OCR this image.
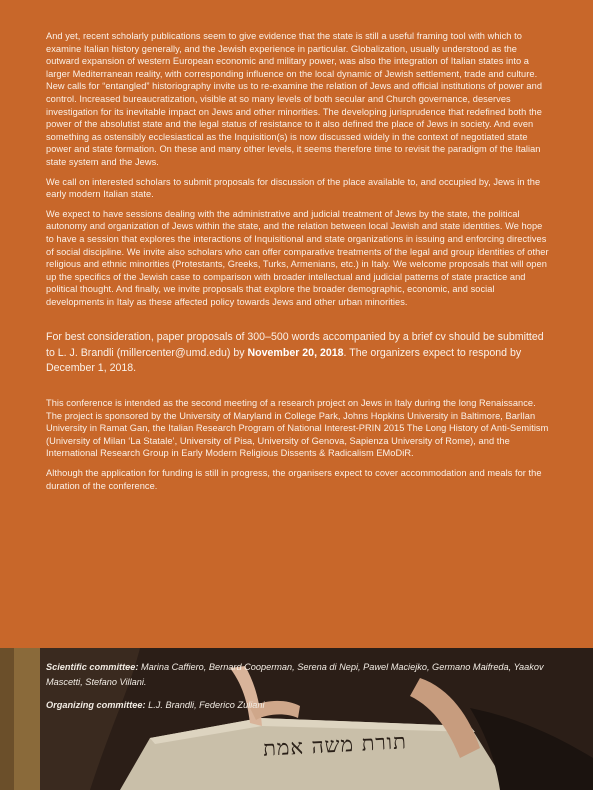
And yet, recent scholarly publications seem to give evidence that the state is still a useful framing tool with which to examine Italian history generally, and the Jewish experience in particular. Globalization, usually understood as the outward expansion of western European economic and military power, was also the integration of Italian states into a larger Mediterranean reality, with corresponding influence on the local dynamic of Jewish settlement, trade and culture. New calls for “entangled” historiography invite us to re-examine the relation of Jews and official institutions of power and control. Increased bureaucratization, visible at so many levels of both secular and Church governance, deserves investigation for its inevitable impact on Jews and other minorities. The developing jurisprudence that redefined both the power of the absolutist state and the legal status of resistance to it also defined the place of Jews in society. And even something as ostensibly ecclesiastical as the Inquisition(s) is now discussed widely in the context of negotiated state power and state formation. On these and many other levels, it seems therefore time to revisit the paradigm of the Italian state system and the Jews.

We call on interested scholars to submit proposals for discussion of the place available to, and occupied by, Jews in the early modern Italian state.

We expect to have sessions dealing with the administrative and judicial treatment of Jews by the state, the political autonomy and organization of Jews within the state, and the relation between local Jewish and state identities. We hope to have a session that explores the interactions of Inquisitional and state organizations in issuing and enforcing directives of social discipline. We invite also scholars who can offer comparative treatments of the legal and group identities of other religious and ethnic minorities (Protestants, Greeks, Turks, Armenians, etc.) in Italy. We welcome proposals that will open up the specifics of the Jewish case to comparison with broader intellectual and judicial patterns of state practice and political thought. And finally, we invite proposals that explore the broader demographic, economic, and social developments in Italy as these affected policy towards Jews and other urban minorities.

For best consideration, paper proposals of 300–500 words accompanied by a brief cv should be submitted to L. J. Brandli (millercenter@umd.edu) by November 20, 2018. The organizers expect to respond by December 1, 2018.

This conference is intended as the second meeting of a research project on Jews in Italy during the long Renaissance. The project is sponsored by the University of Maryland in College Park, Johns Hopkins University in Baltimore, BarIlan University in Ramat Gan, the Italian Research Program of National Interest-PRIN 2015 The Long History of Anti-Semitism (University of Milan ‘La Statale’, University of Pisa, University of Genova, Sapienza University of Rome), and the International Research Group in Early Modern Religious Dissents & Radicalism EMoDiR.

Although the application for funding is still in progress, the organisers expect to cover accommodation and meals for the duration of the conference.

Scientific committee: Marina Caffiero, Bernard Cooperman, Serena di Nepi, Pawel Maciejko, Germano Maifreda, Yaakov Mascetti, Stefano Villani.
Organizing committee: L.J. Brandli, Federico Zuliani
תורת משה אמת
